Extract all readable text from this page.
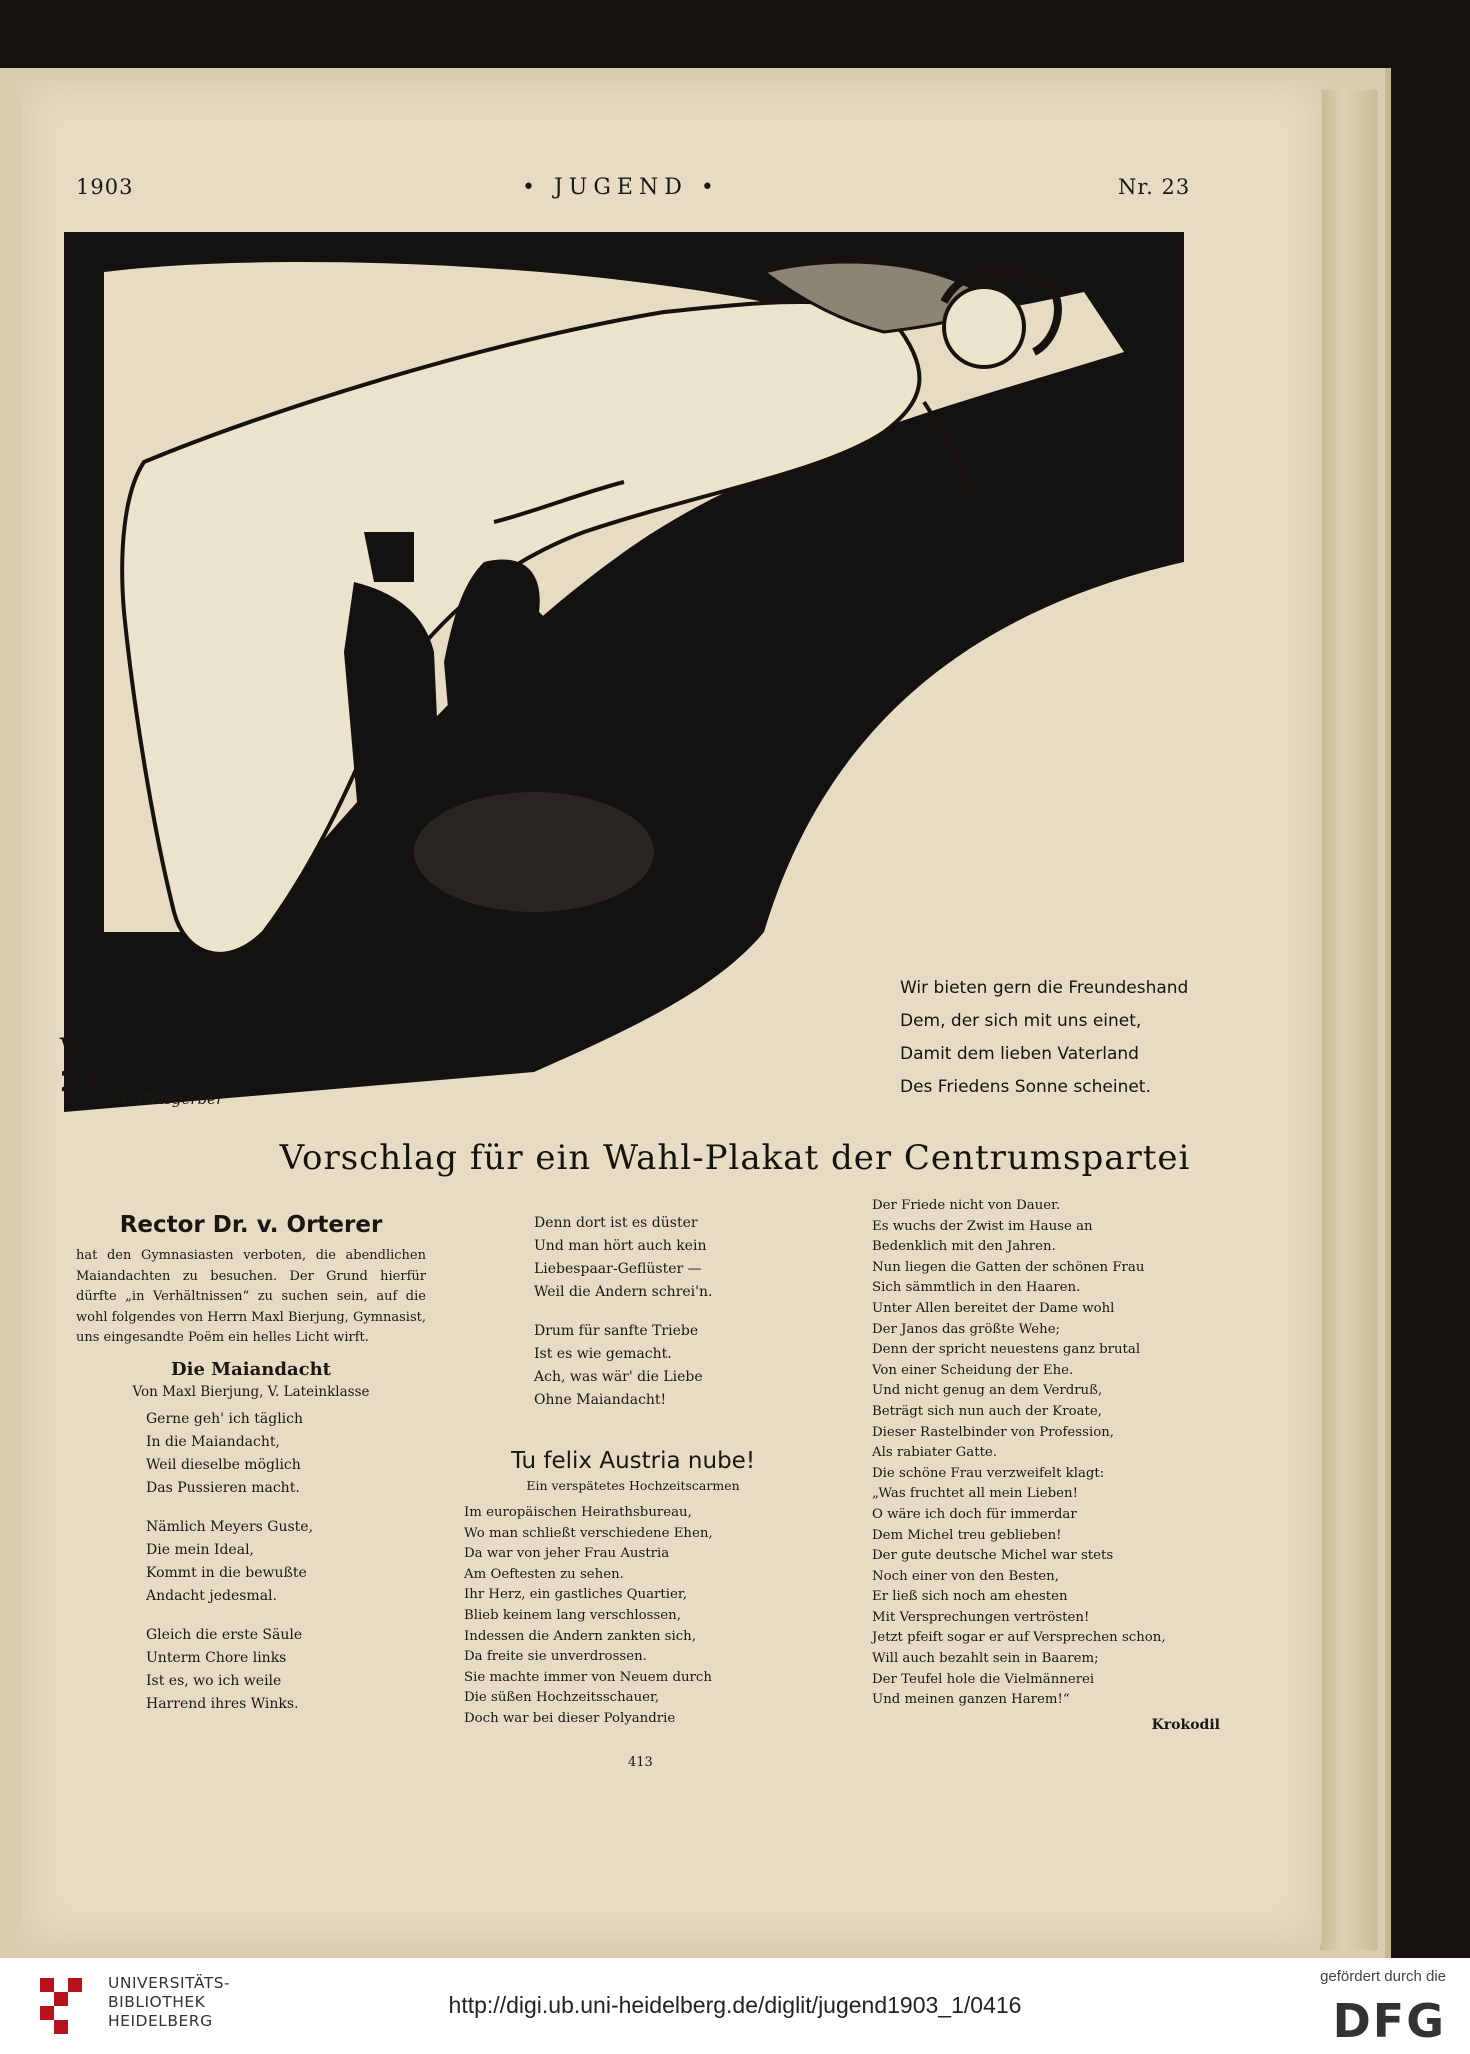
1903	• JUGEND •	Nr. 23
W
23
A. Weisgerber
Wir bieten gern die Freundeshand
Dem, der sich mit uns einet,
Damit dem lieben Vaterland
Des Friedens Sonne scheinet.
Vorschlag für ein Wahl-Plakat der Centrumspartei
Rector Dr. v. Orterer
hat den Gymnasiasten verboten, die abendlichen Maiandachten zu besuchen. Der Grund hierfür dürfte „in Verhältnissen“ zu suchen sein, auf die wohl folgendes von Herrn Maxl Bierjung, Gymnasist, uns eingesandte Poëm ein helles Licht wirft.
Die Maiandacht
Von Maxl Bierjung, V. Lateinklasse
Gerne geh' ich täglich
In die Maiandacht,
Weil dieselbe möglich
Das Pussieren macht.
Nämlich Meyers Guste,
Die mein Ideal,
Kommt in die bewußte
Andacht jedesmal.
Gleich die erste Säule
Unterm Chore links
Ist es, wo ich weile
Harrend ihres Winks.
Denn dort ist es düster
Und man hört auch kein
Liebespaar-Geflüster —
Weil die Andern schrei'n.
Drum für sanfte Triebe
Ist es wie gemacht.
Ach, was wär' die Liebe
Ohne Maiandacht!
Tu felix Austria nube!
Ein verspätetes Hochzeitscarmen
Im europäischen Heirathsbureau,
Wo man schließt verschiedene Ehen,
Da war von jeher Frau Austria
Am Oeftesten zu sehen.
Ihr Herz, ein gastliches Quartier,
Blieb keinem lang verschlossen,
Indessen die Andern zankten sich,
Da freite sie unverdrossen.
Sie machte immer von Neuem durch
Die süßen Hochzeitsschauer,
Doch war bei dieser Polyandrie
Der Friede nicht von Dauer.
Es wuchs der Zwist im Hause an
Bedenklich mit den Jahren.
Nun liegen die Gatten der schönen Frau
Sich sämmtlich in den Haaren.
Unter Allen bereitet der Dame wohl
Der Janos das größte Wehe;
Denn der spricht neuestens ganz brutal
Von einer Scheidung der Ehe.
Und nicht genug an dem Verdruß,
Beträgt sich nun auch der Kroate,
Dieser Rastelbinder von Profession,
Als rabiater Gatte.
Die schöne Frau verzweifelt klagt:
„Was fruchtet all mein Lieben!
O wäre ich doch für immerdar
Dem Michel treu geblieben!
Der gute deutsche Michel war stets
Noch einer von den Besten,
Er ließ sich noch am ehesten
Mit Versprechungen vertrösten!
Jetzt pfeift sogar er auf Versprechen schon,
Will auch bezahlt sein in Baarem;
Der Teufel hole die Vielmännerei
Und meinen ganzen Harem!“
Krokodil
413
UNIVERSITÄTS-
BIBLIOTHEK
HEIDELBERG
http://digi.ub.uni-heidelberg.de/diglit/jugend1903_1/0416
gefördert durch die
DFG
